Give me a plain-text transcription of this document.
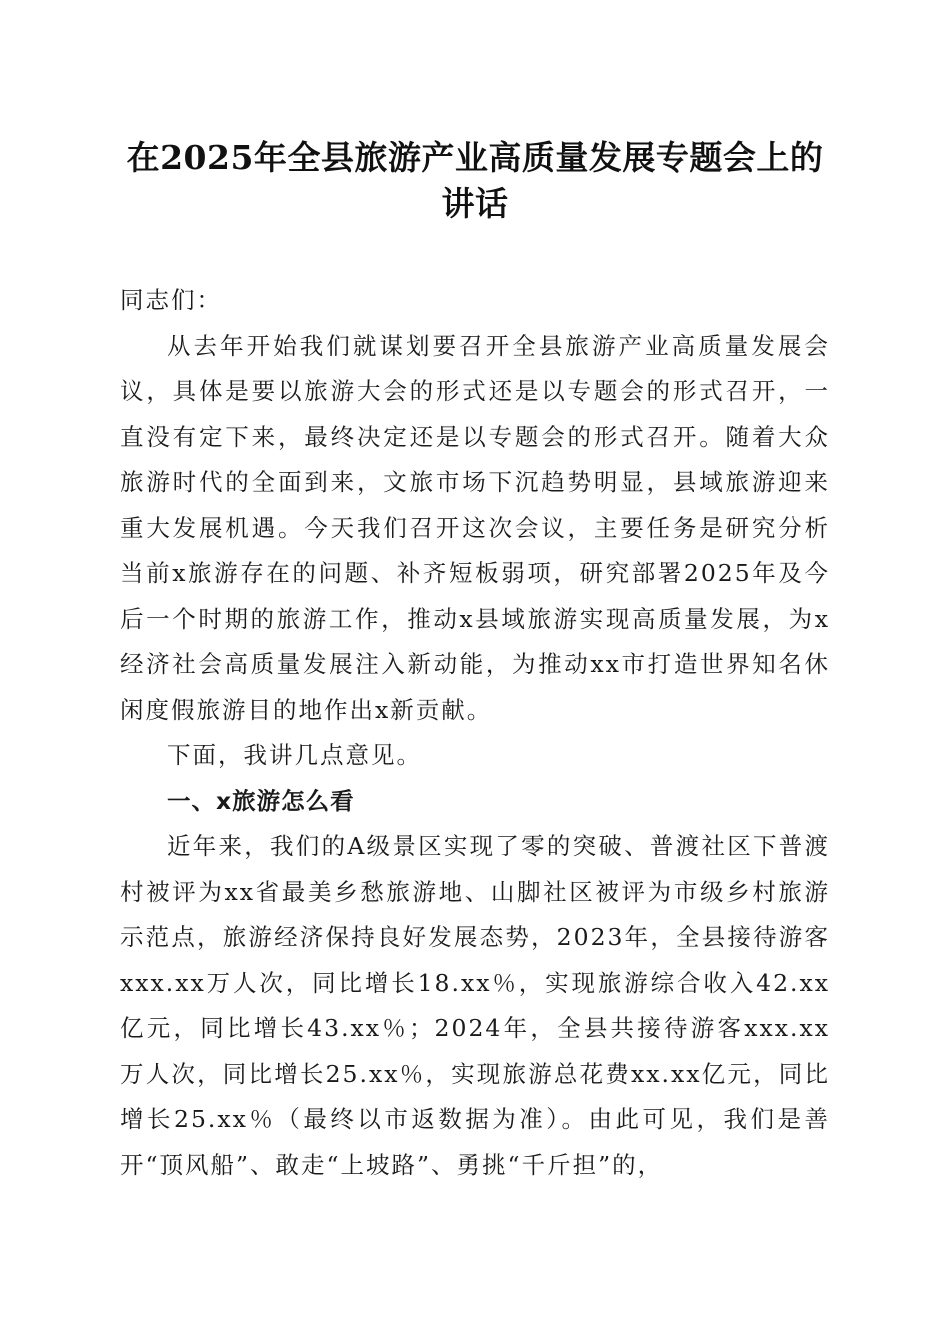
在2025年全县旅游产业高质量发展专题会上的讲话

同志们：

从去年开始我们就谋划要召开全县旅游产业高质量发展会议，具体是要以旅游大会的形式还是以专题会的形式召开，一直没有定下来，最终决定还是以专题会的形式召开。随着大众旅游时代的全面到来，文旅市场下沉趋势明显，县域旅游迎来重大发展机遇。今天我们召开这次会议，主要任务是研究分析当前x旅游存在的问题、补齐短板弱项，研究部署2025年及今后一个时期的旅游工作，推动x县域旅游实现高质量发展，为x经济社会高质量发展注入新动能，为推动xx市打造世界知名休闲度假旅游目的地作出x新贡献。

下面，我讲几点意见。

一、x旅游怎么看

近年来，我们的A级景区实现了零的突破、普渡社区下普渡村被评为xx省最美乡愁旅游地、山脚社区被评为市级乡村旅游示范点，旅游经济保持良好发展态势，2023年，全县接待游客xxx.xx万人次，同比增长18.xx％，实现旅游综合收入42.xx亿元，同比增长43.xx％；2024年，全县共接待游客xxx.xx万人次，同比增长25.xx％，实现旅游总花费xx.xx亿元，同比增长25.xx％（最终以市返数据为准）。由此可见，我们是善开“顶风船”、敢走“上坡路”、勇挑“千斤担”的，
